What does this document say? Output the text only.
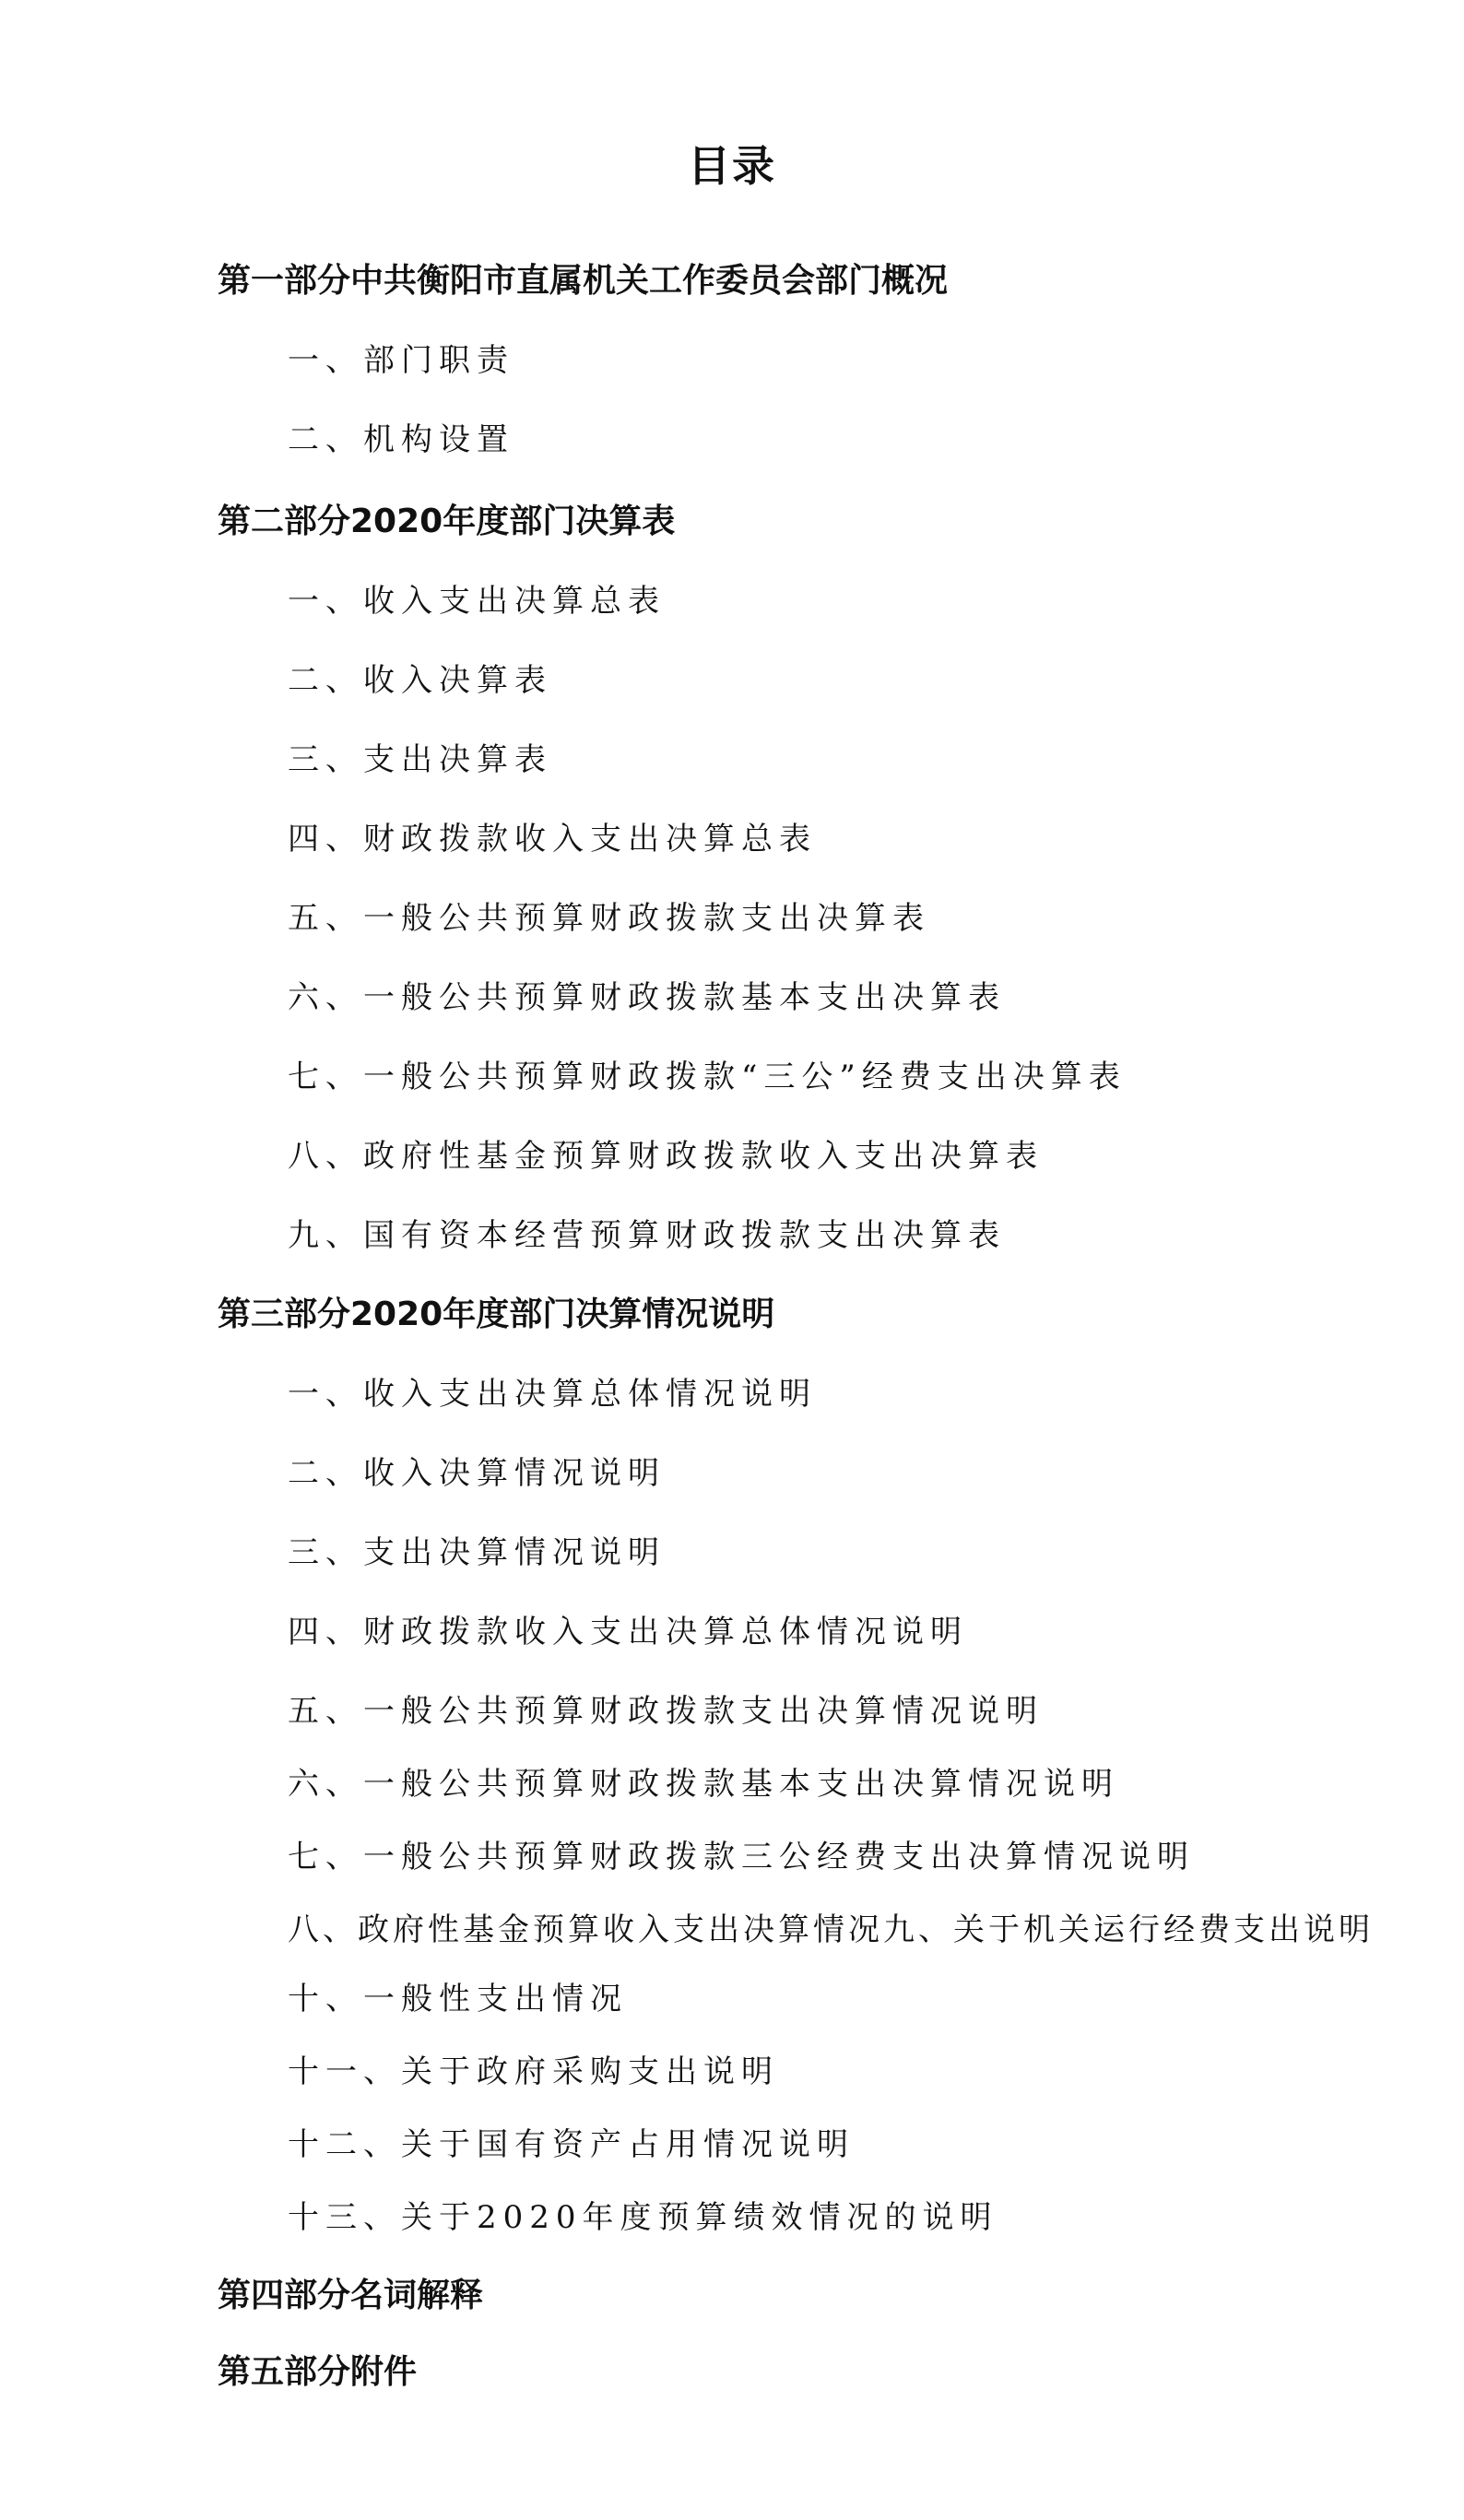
目录
第一部分中共衡阳市直属机关工作委员会部门概况
一、部门职责
二、机构设置
第二部分2020年度部门决算表
一、收入支出决算总表
二、收入决算表
三、支出决算表
四、财政拨款收入支出决算总表
五、一般公共预算财政拨款支出决算表
六、一般公共预算财政拨款基本支出决算表
七、一般公共预算财政拨款“三公”经费支出决算表
八、政府性基金预算财政拨款收入支出决算表
九、国有资本经营预算财政拨款支出决算表
第三部分2020年度部门决算情况说明
一、收入支出决算总体情况说明
二、收入决算情况说明
三、支出决算情况说明
四、财政拨款收入支出决算总体情况说明
五、一般公共预算财政拨款支出决算情况说明
六、一般公共预算财政拨款基本支出决算情况说明
七、一般公共预算财政拨款三公经费支出决算情况说明
八、政府性基金预算收入支出决算情况九、关于机关运行经费支出说明
十、一般性支出情况
十一、关于政府采购支出说明
十二、关于国有资产占用情况说明
十三、关于2020年度预算绩效情况的说明
第四部分名词解释
第五部分附件
